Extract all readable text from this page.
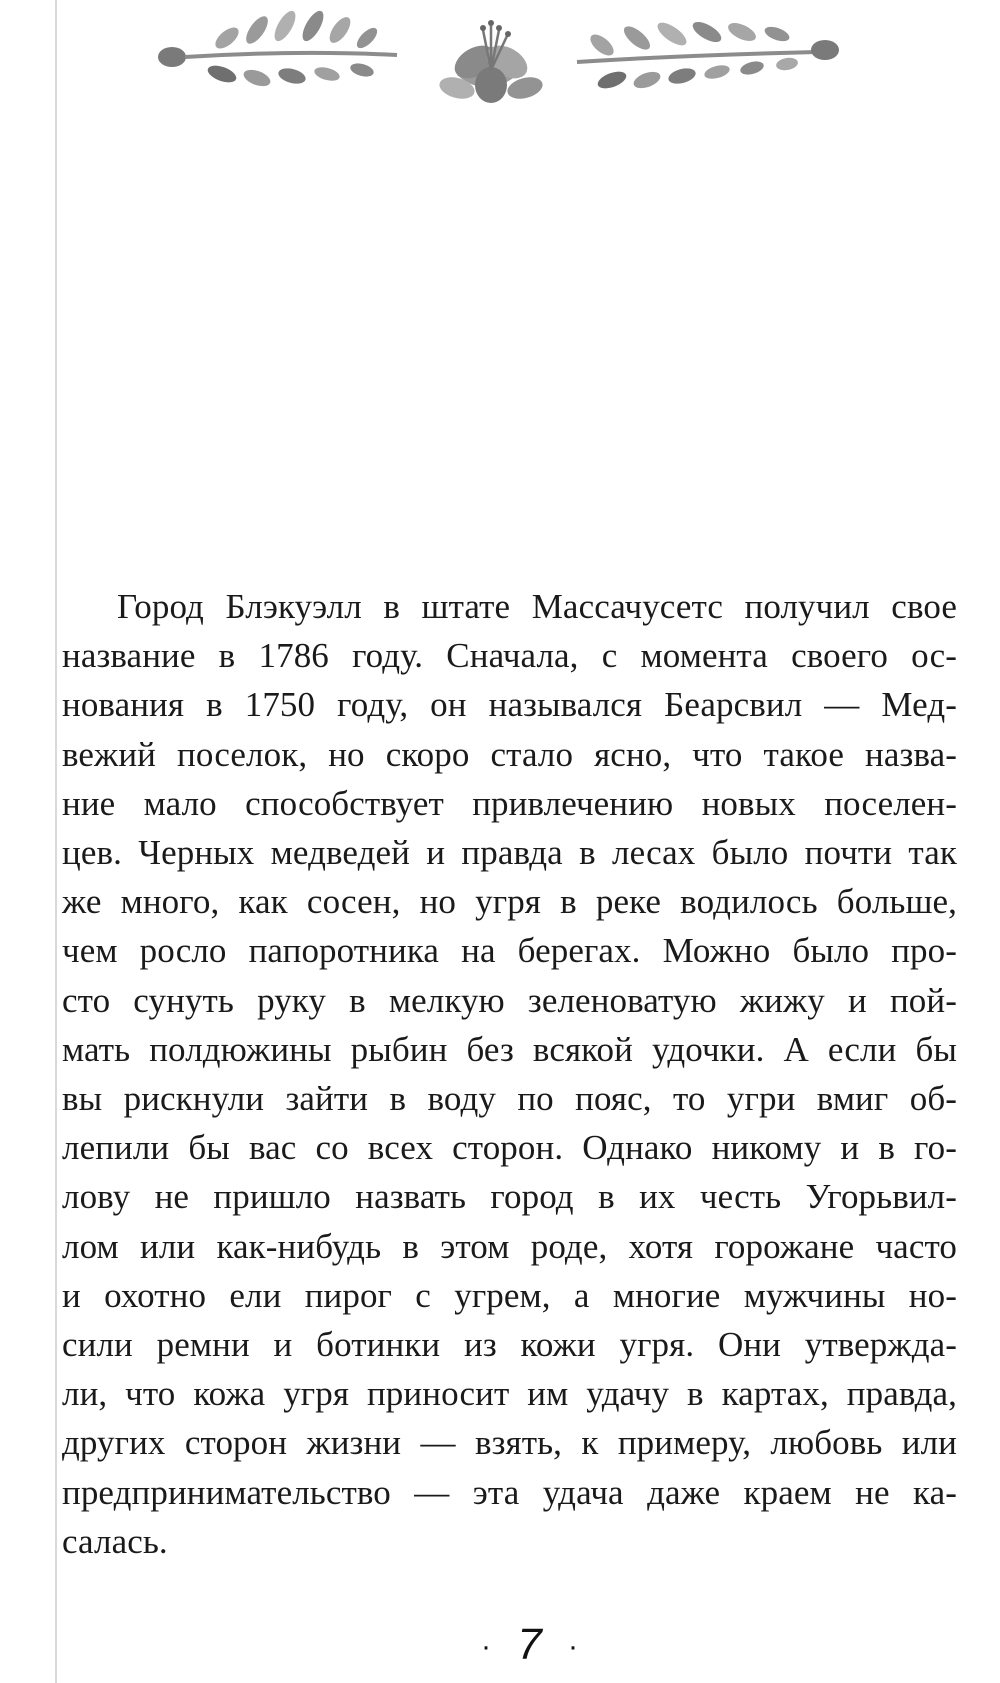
Город Блэкуэлл в штате Массачусетс получил свое
название в 1786 году. Сначала, с момента своего ос-
нования в 1750 году, он назывался Беарсвил — Мед-
вежий поселок, но скоро стало ясно, что такое назва-
ние мало способствует привлечению новых поселен-
цев. Черных медведей и правда в лесах было почти так
же много, как сосен, но угря в реке водилось больше,
чем росло папоротника на берегах. Можно было про-
сто сунуть руку в мелкую зеленоватую жижу и пой-
мать полдюжины рыбин без всякой удочки. А если бы
вы рискнули зайти в воду по пояс, то угри вмиг об-
лепили бы вас со всех сторон. Однако никому и в го-
лову не пришло назвать город в их честь Угорьвил-
лом или как-нибудь в этом роде, хотя горожане часто
и охотно ели пирог с угрем, а многие мужчины но-
сили ремни и ботинки из кожи угря. Они утвержда-
ли, что кожа угря приносит им удачу в картах, правда,
других сторон жизни — взять, к примеру, любовь или
предпринимательство — эта удача даже краем не ка-
салась.

· 7 ·
